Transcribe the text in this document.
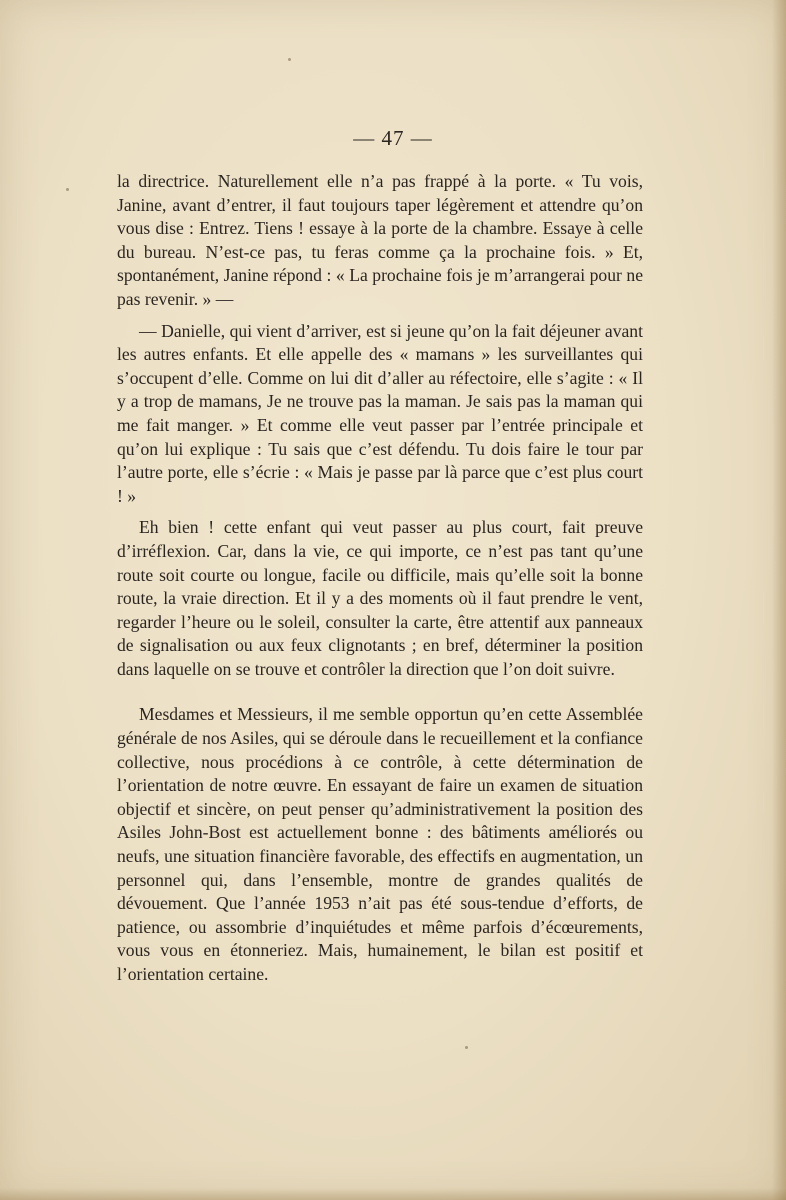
— 47 —

la directrice. Naturellement elle n’a pas frappé à la porte. « Tu vois, Janine, avant d’entrer, il faut toujours taper légèrement et attendre qu’on vous dise : Entrez. Tiens ! essaye à la porte de la chambre. Essaye à celle du bureau. N’est-ce pas, tu feras comme ça la prochaine fois. » Et, spontanément, Janine répond : « La prochaine fois je m’arrangerai pour ne pas revenir. » —

— Danielle, qui vient d’arriver, est si jeune qu’on la fait déjeuner avant les autres enfants. Et elle appelle des « mamans » les surveillantes qui s’occupent d’elle. Comme on lui dit d’aller au réfectoire, elle s’agite : « Il y a trop de mamans, Je ne trouve pas la maman. Je sais pas la maman qui me fait manger. » Et comme elle veut passer par l’entrée principale et qu’on lui explique : Tu sais que c’est défendu. Tu dois faire le tour par l’autre porte, elle s’écrie : « Mais je passe par là parce que c’est plus court ! »

Eh bien ! cette enfant qui veut passer au plus court, fait preuve d’irréflexion. Car, dans la vie, ce qui importe, ce n’est pas tant qu’une route soit courte ou longue, facile ou difficile, mais qu’elle soit la bonne route, la vraie direction. Et il y a des moments où il faut prendre le vent, regarder l’heure ou le soleil, consulter la carte, être attentif aux panneaux de signalisation ou aux feux clignotants ; en bref, déterminer la position dans laquelle on se trouve et contrôler la direction que l’on doit suivre.

Mesdames et Messieurs, il me semble opportun qu’en cette Assemblée générale de nos Asiles, qui se déroule dans le recueillement et la confiance collective, nous procédions à ce contrôle, à cette détermination de l’orientation de notre œuvre. En essayant de faire un examen de situation objectif et sincère, on peut penser qu’administrativement la position des Asiles John-Bost est actuellement bonne : des bâtiments améliorés ou neufs, une situation financière favorable, des effectifs en augmentation, un personnel qui, dans l’ensemble, montre de grandes qualités de dévouement. Que l’année 1953 n’ait pas été sous-tendue d’efforts, de patience, ou assombrie d’inquiétudes et même parfois d’écœurements, vous vous en étonneriez. Mais, humainement, le bilan est positif et l’orientation certaine.
